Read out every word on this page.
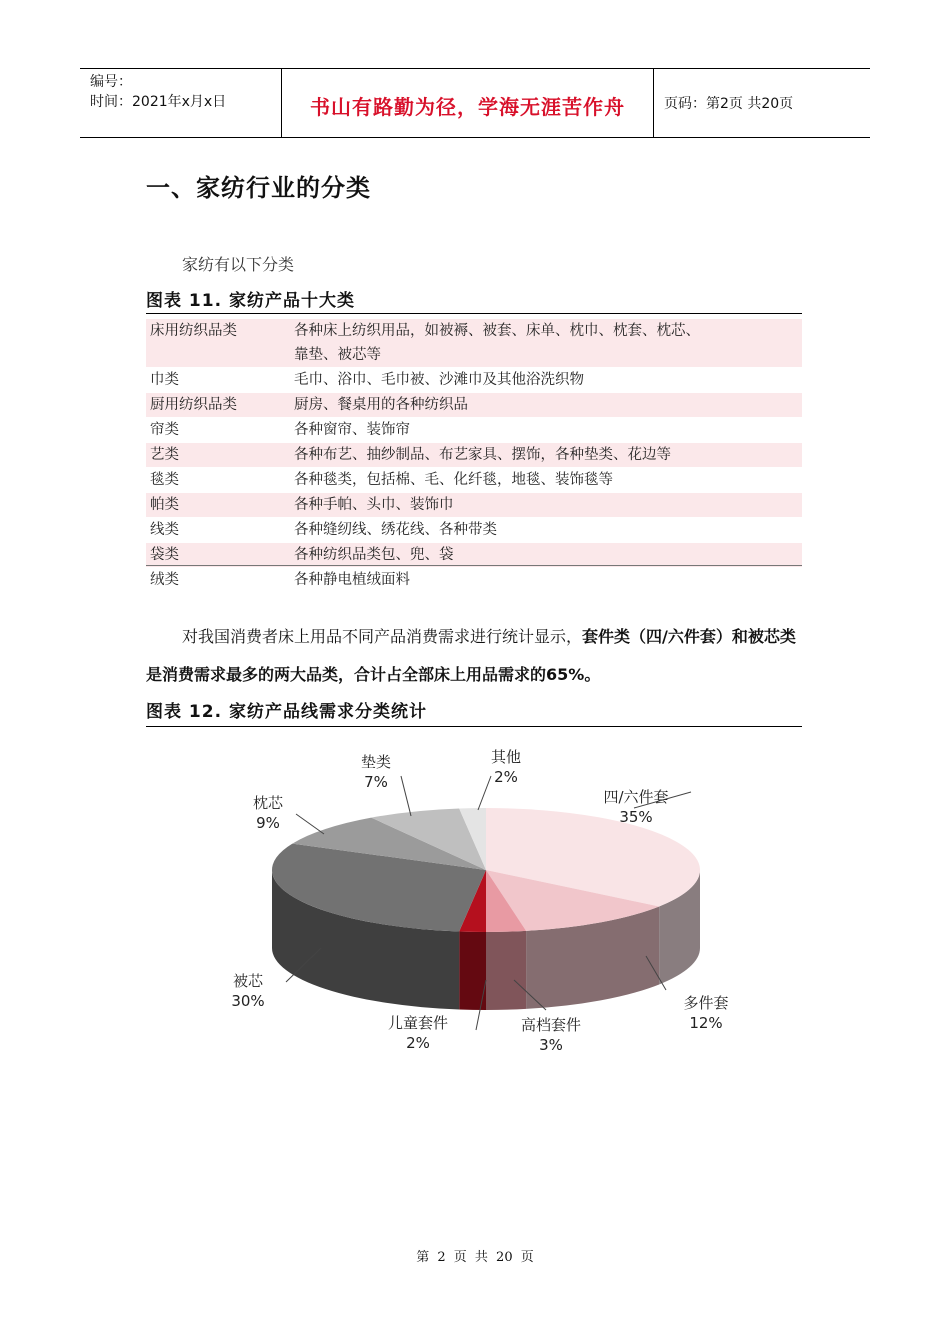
编号：
时间：2021年x月x日	书山有路勤为径，学海无涯苦作舟	页码：第2页 共20页
一、家纺行业的分类
家纺有以下分类
图表 11. 家纺产品十大类
床用纺织品类	各种床上纺织用品，如被褥、被套、床单、枕巾、枕套、枕芯、
靠垫、被芯等

巾类	毛巾、浴巾、毛巾被、沙滩巾及其他浴洗织物

厨用纺织品类	厨房、餐桌用的各种纺织品

帘类	各种窗帘、装饰帘

艺类	各种布艺、抽纱制品、布艺家具、摆饰，各种垫类、花边等

毯类	各种毯类，包括棉、毛、化纤毯，地毯、装饰毯等

帕类	各种手帕、头巾、装饰巾

线类	各种缝纫线、绣花线、各种带类

袋类	各种纺织品类包、兜、袋

绒类	各种静电植绒面料
对我国消费者床上用品不同产品消费需求进行统计显示，套件类（四/六件套）和被芯类是消费需求最多的两大品类，合计占全部床上用品需求的65%。
图表 12. 家纺产品线需求分类统计
四/六件套
35%
多件套
12%
高档套件
3%
儿童套件
2%
被芯
30%
枕芯
9%
垫类
7%
其他
2%
第 2 页 共 20 页
